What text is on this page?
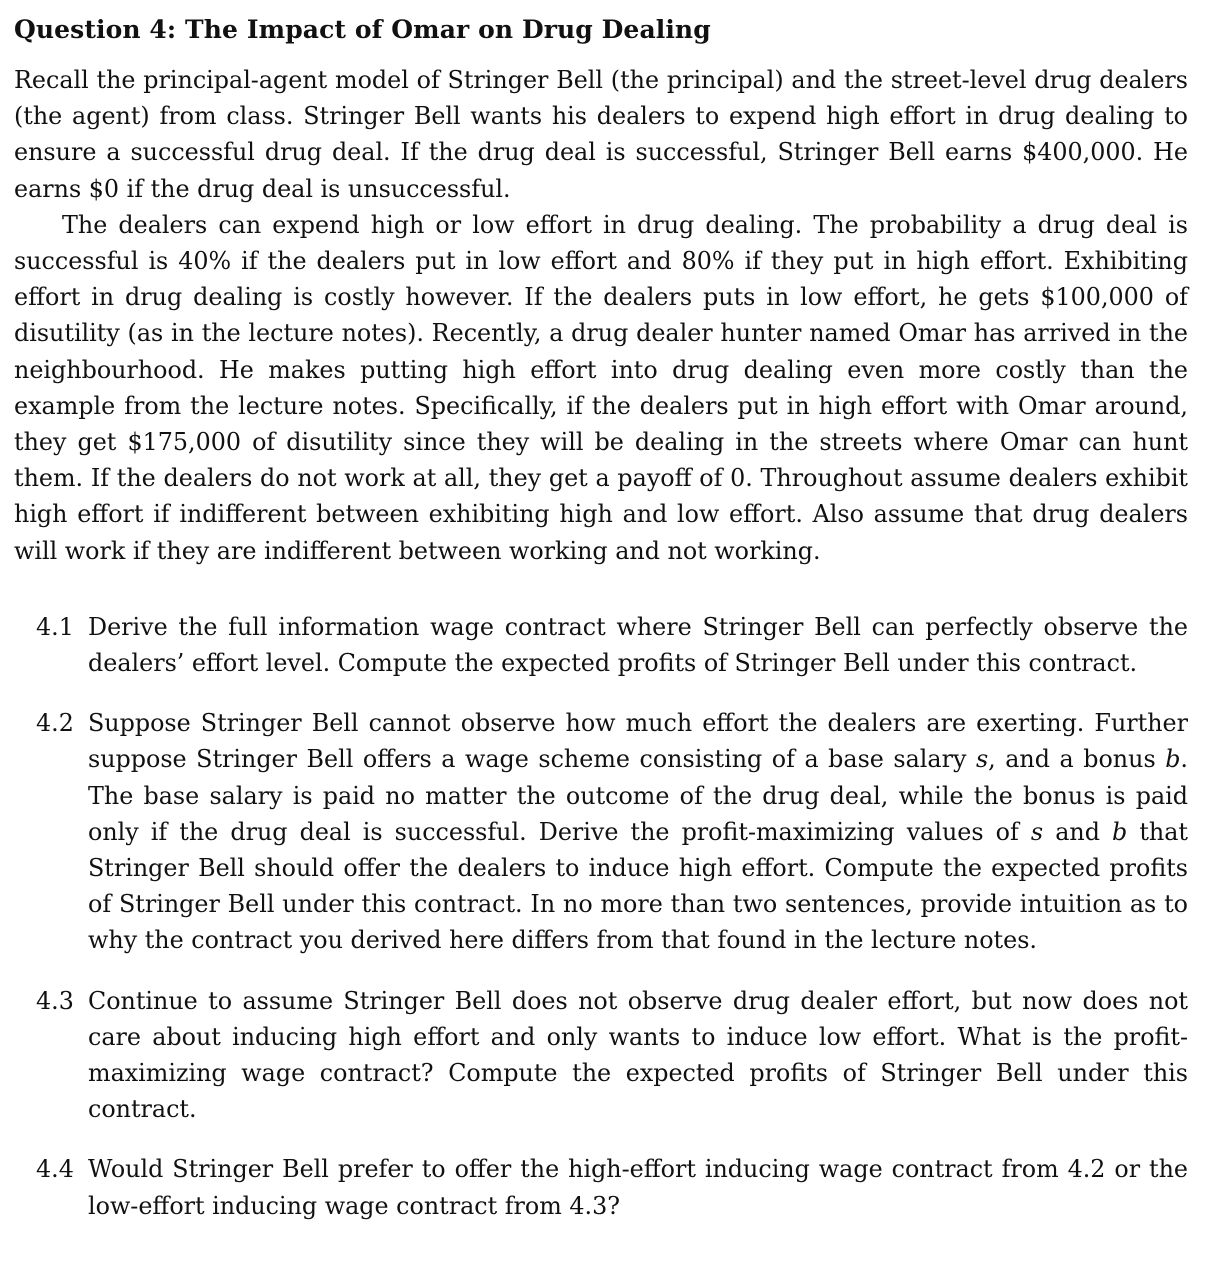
Question 4: The Impact of Omar on Drug Dealing

Recall the principal-agent model of Stringer Bell (the principal) and the street-level drug dealers (the agent) from class. Stringer Bell wants his dealers to expend high effort in drug dealing to ensure a successful drug deal. If the drug deal is successful, Stringer Bell earns $400,000. He earns $0 if the drug deal is unsuccessful.

The dealers can expend high or low effort in drug dealing. The probability a drug deal is successful is 40% if the dealers put in low effort and 80% if they put in high effort. Exhibiting effort in drug dealing is costly however. If the dealers puts in low effort, he gets $100,000 of disutility (as in the lecture notes). Recently, a drug dealer hunter named Omar has arrived in the neighbourhood. He makes putting high effort into drug dealing even more costly than the example from the lecture notes. Specifically, if the dealers put in high effort with Omar around, they get $175,000 of disutility since they will be dealing in the streets where Omar can hunt them. If the dealers do not work at all, they get a payoff of 0. Throughout assume dealers exhibit high effort if indifferent between exhibiting high and low effort. Also assume that drug dealers will work if they are indifferent between working and not working.

4.1 Derive the full information wage contract where Stringer Bell can perfectly observe the dealers’ effort level. Compute the expected profits of Stringer Bell under this contract.
4.2 Suppose Stringer Bell cannot observe how much effort the dealers are exerting. Further suppose Stringer Bell offers a wage scheme consisting of a base salary s, and a bonus b. The base salary is paid no matter the outcome of the drug deal, while the bonus is paid only if the drug deal is successful. Derive the profit-maximizing values of s and b that Stringer Bell should offer the dealers to induce high effort. Compute the expected profits of Stringer Bell under this contract. In no more than two sentences, provide intuition as to why the contract you derived here differs from that found in the lecture notes.
4.3 Continue to assume Stringer Bell does not observe drug dealer effort, but now does not care about inducing high effort and only wants to induce low effort. What is the profit-maximizing wage contract? Compute the expected profits of Stringer Bell under this contract.
4.4 Would Stringer Bell prefer to offer the high-effort inducing wage contract from 4.2 or the low-effort inducing wage contract from 4.3?
